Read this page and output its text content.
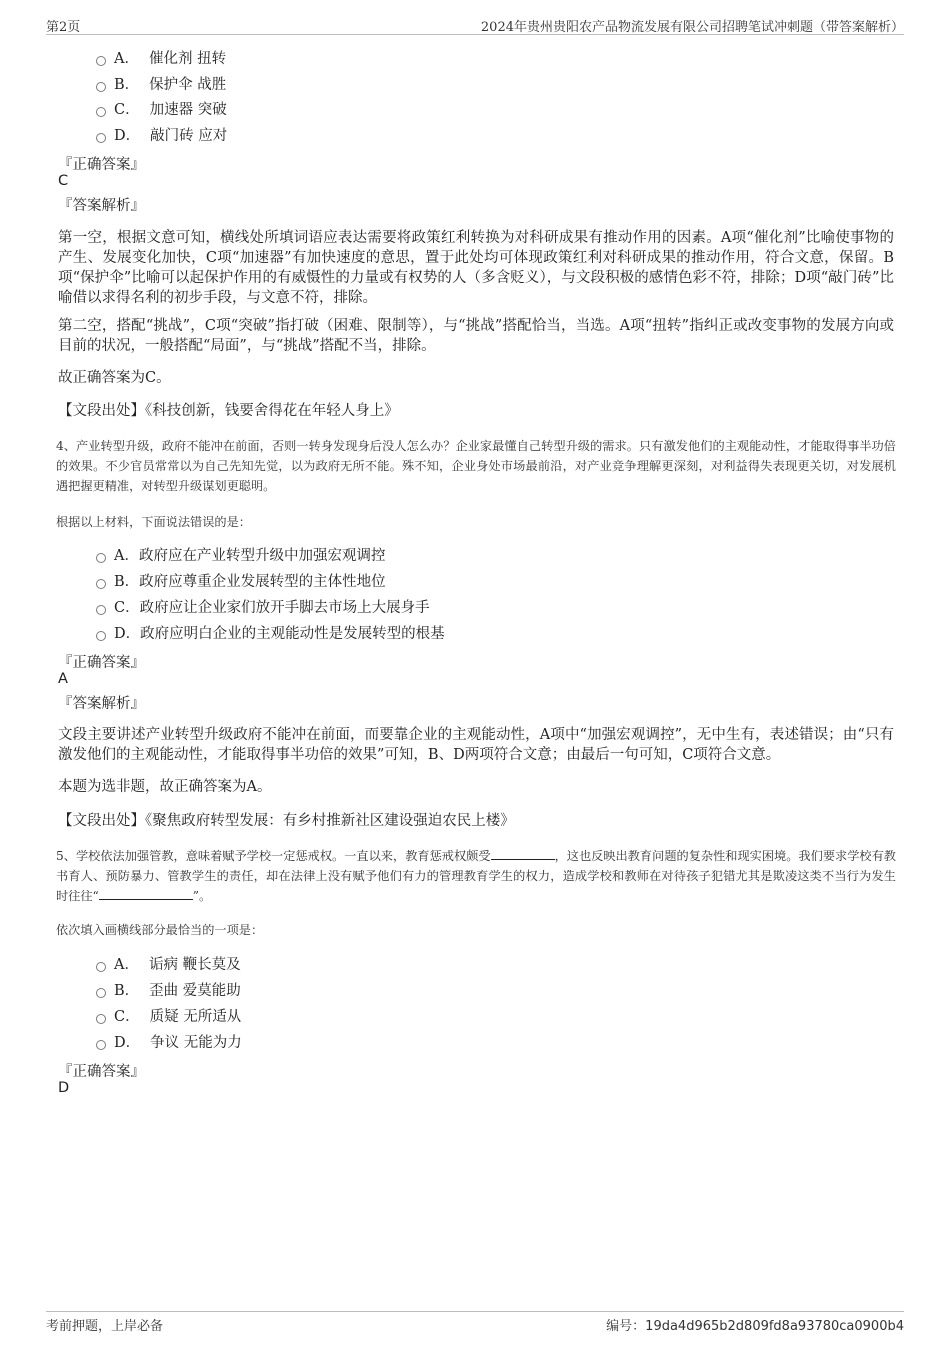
第2页	2024年贵州贵阳农产品物流发展有限公司招聘笔试冲刺题（带答案解析）
A． 催化剂 扭转
B． 保护伞 战胜
C． 加速器 突破
D． 敲门砖 应对
『正确答案』
C
『答案解析』
第一空，根据文意可知，横线处所填词语应表达需要将政策红利转换为对科研成果有推动作用的因素。A项“催化剂”比喻使事物的产生、发展变化加快，C项“加速器”有加快速度的意思，置于此处均可体现政策红利对科研成果的推动作用，符合文意，保留。B项“保护伞”比喻可以起保护作用的有威慑性的力量或有权势的人（多含贬义），与文段积极的感情色彩不符，排除；D项“敲门砖”比喻借以求得名利的初步手段，与文意不符，排除。
第二空，搭配“挑战”，C项“突破”指打破（困难、限制等），与“挑战”搭配恰当，当选。A项“扭转”指纠正或改变事物的发展方向或目前的状况，一般搭配“局面”，与“挑战”搭配不当，排除。
故正确答案为C。
【文段出处】《科技创新，钱要舍得花在年轻人身上》
4、产业转型升级，政府不能冲在前面，否则一转身发现身后没人怎么办？企业家最懂自己转型升级的需求。只有激发他们的主观能动性，才能取得事半功倍的效果。不少官员常常以为自己先知先觉，以为政府无所不能。殊不知，企业身处市场最前沿，对产业竞争理解更深刻，对利益得失表现更关切，对发展机遇把握更精准，对转型升级谋划更聪明。
根据以上材料，下面说法错误的是：
A．政府应在产业转型升级中加强宏观调控
B．政府应尊重企业发展转型的主体性地位
C．政府应让企业家们放开手脚去市场上大展身手
D．政府应明白企业的主观能动性是发展转型的根基
『正确答案』
A
『答案解析』
文段主要讲述产业转型升级政府不能冲在前面，而要靠企业的主观能动性，A项中“加强宏观调控”，无中生有，表述错误；由“只有激发他们的主观能动性，才能取得事半功倍的效果”可知，B、D两项符合文意；由最后一句可知，C项符合文意。
本题为选非题，故正确答案为A。
【文段出处】《聚焦政府转型发展：有乡村推新社区建设强迫农民上楼》
5、学校依法加强管教，意味着赋予学校一定惩戒权。一直以来，教育惩戒权颇受	，这也反映出教育问题的复杂性和现实困境。我们要求学校有教书育人、预防暴力、管教学生的责任，却在法律上没有赋予他们有力的管理教育学生的权力，造成学校和教师在对待孩子犯错尤其是欺凌这类不当行为发生时往往“	”。
依次填入画横线部分最恰当的一项是：
A． 诟病 鞭长莫及
B． 歪曲 爱莫能助
C． 质疑 无所适从
D． 争议 无能为力
『正确答案』
D
考前押题，上岸必备	编号：19da4d965b2d809fd8a93780ca0900b4
